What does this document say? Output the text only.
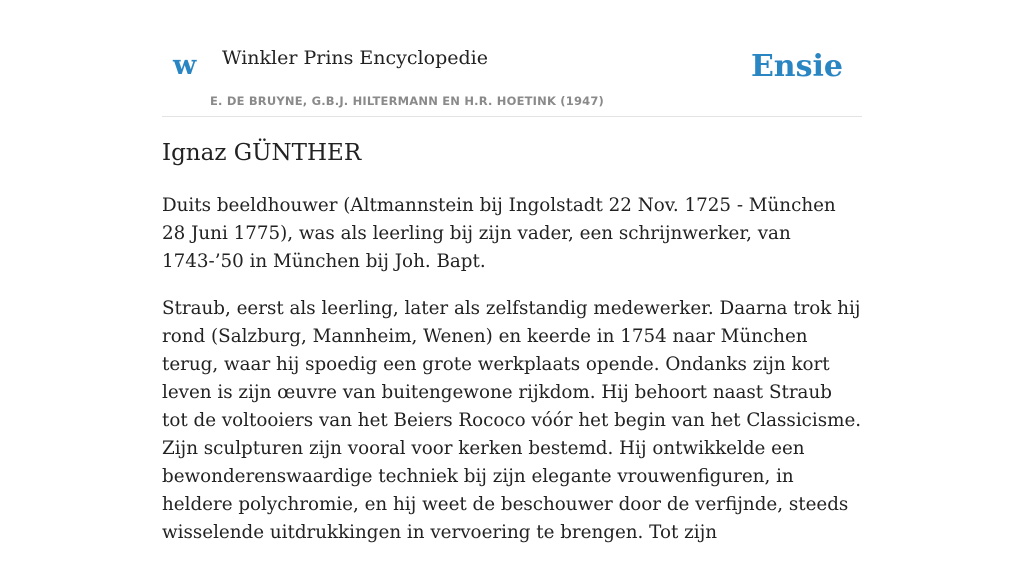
w Winkler Prins Encyclopedie
E. DE BRUYNE, G.B.J. HILTERMANN EN H.R. HOETINK (1947)
Ensie
Ignaz GÜNTHER

Duits beeldhouwer (Altmannstein bij Ingolstadt 22 Nov. 1725 - München 28 Juni 1775), was als leerling bij zijn vader, een schrijnwerker, van 1743-’50 in München bij Joh. Bapt.

Straub, eerst als leerling, later als zelfstandig medewerker. Daarna trok hij rond (Salzburg, Mannheim, Wenen) en keerde in 1754 naar München terug, waar hij spoedig een grote werkplaats opende. Ondanks zijn kort leven is zijn œuvre van buitengewone rijkdom. Hij behoort naast Straub tot de voltooiers van het Beiers Rococo vóór het begin van het Classicisme. Zijn sculpturen zijn vooral voor kerken bestemd. Hij ontwikkelde een bewonderenswaardige techniek bij zijn elegante vrouwenfiguren, in heldere polychromie, en hij weet de beschouwer door de verfijnde, steeds wisselende uitdrukkingen in vervoering te brengen. Tot zijn
